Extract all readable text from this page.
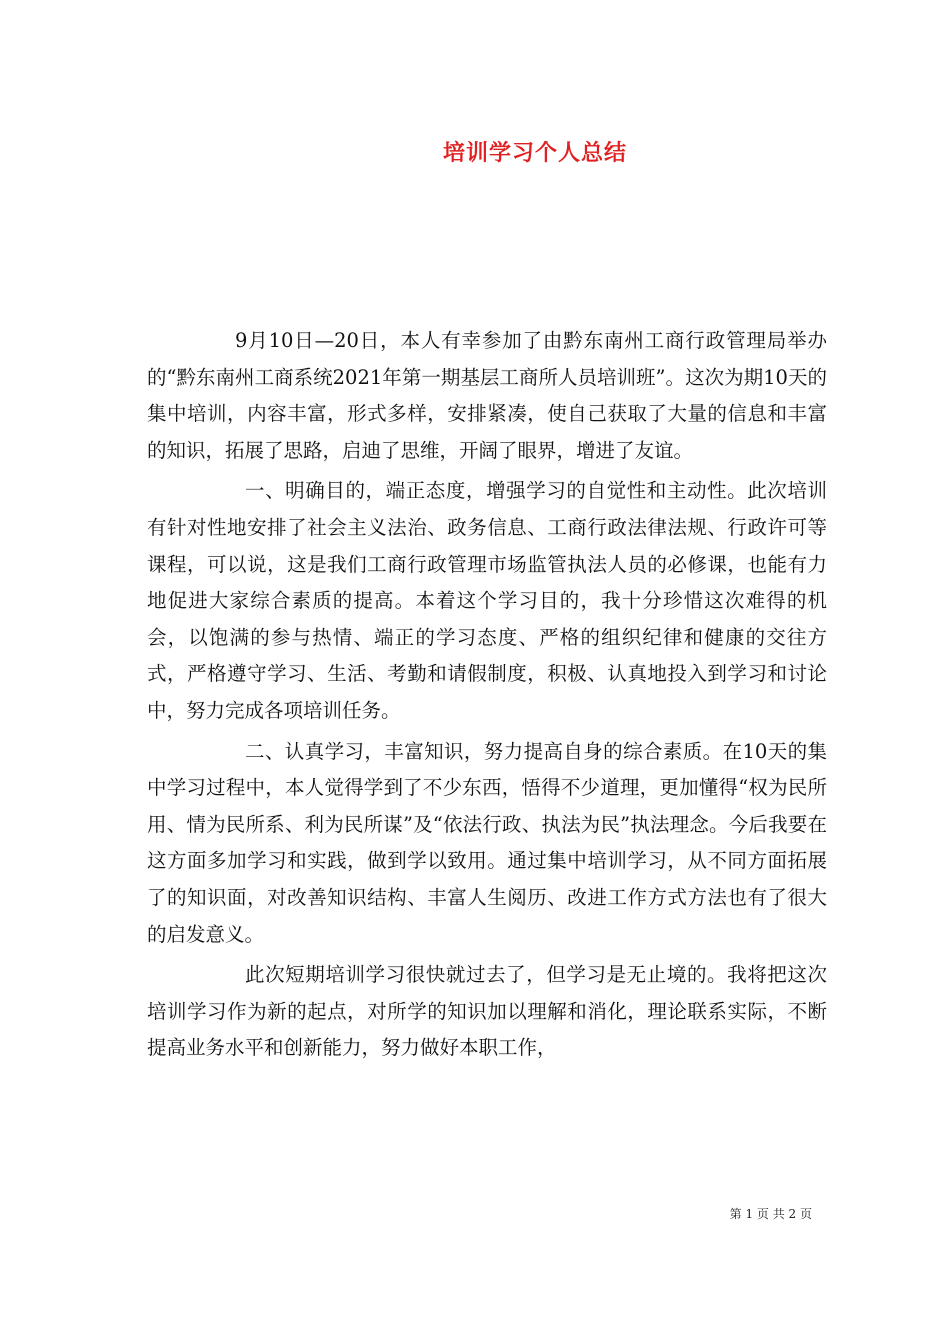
培训学习个人总结

9月10日—20日，本人有幸参加了由黔东南州工商行政管理局举办的“黔东南州工商系统2021年第一期基层工商所人员培训班”。这次为期10天的集中培训，内容丰富，形式多样，安排紧凑，使自己获取了大量的信息和丰富的知识，拓展了思路，启迪了思维，开阔了眼界，增进了友谊。

一、明确目的，端正态度，增强学习的自觉性和主动性。此次培训有针对性地安排了社会主义法治、政务信息、工商行政法律法规、行政许可等课程，可以说，这是我们工商行政管理市场监管执法人员的必修课，也能有力地促进大家综合素质的提高。本着这个学习目的，我十分珍惜这次难得的机会，以饱满的参与热情、端正的学习态度、严格的组织纪律和健康的交往方式，严格遵守学习、生活、考勤和请假制度，积极、认真地投入到学习和讨论中，努力完成各项培训任务。

二、认真学习，丰富知识，努力提高自身的综合素质。在10天的集中学习过程中，本人觉得学到了不少东西，悟得不少道理，更加懂得“权为民所用、情为民所系、利为民所谋”及“依法行政、执法为民”执法理念。今后我要在这方面多加学习和实践，做到学以致用。通过集中培训学习，从不同方面拓展了的知识面，对改善知识结构、丰富人生阅历、改进工作方式方法也有了很大的启发意义。

此次短期培训学习很快就过去了，但学习是无止境的。我将把这次培训学习作为新的起点，对所学的知识加以理解和消化，理论联系实际，不断提高业务水平和创新能力，努力做好本职工作，

第 1 页 共 2 页
